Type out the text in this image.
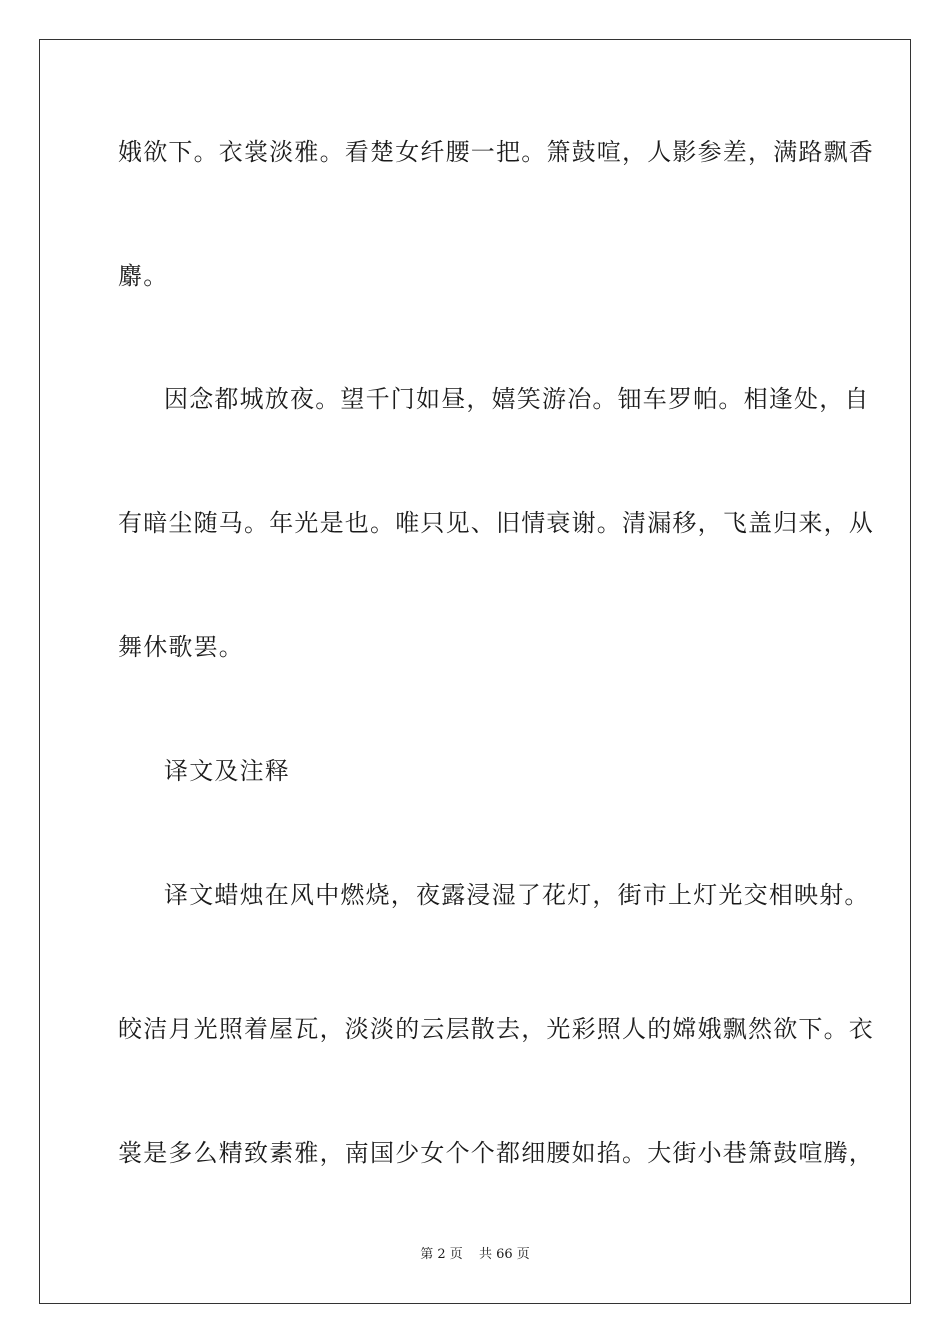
娥欲下。衣裳淡雅。看楚女纤腰一把。箫鼓喧，人影参差，满路飘香
麝。
因念都城放夜。望千门如昼，嬉笑游冶。钿车罗帕。相逢处，自
有暗尘随马。年光是也。唯只见、旧情衰谢。清漏移，飞盖归来，从
舞休歌罢。
译文及注释
译文蜡烛在风中燃烧，夜露浸湿了花灯，街市上灯光交相映射。
皎洁月光照着屋瓦，淡淡的云层散去，光彩照人的嫦娥飘然欲下。衣
裳是多么精致素雅，南国少女个个都细腰如掐。大街小巷箫鼓喧腾，
第 2 页 共 66 页
